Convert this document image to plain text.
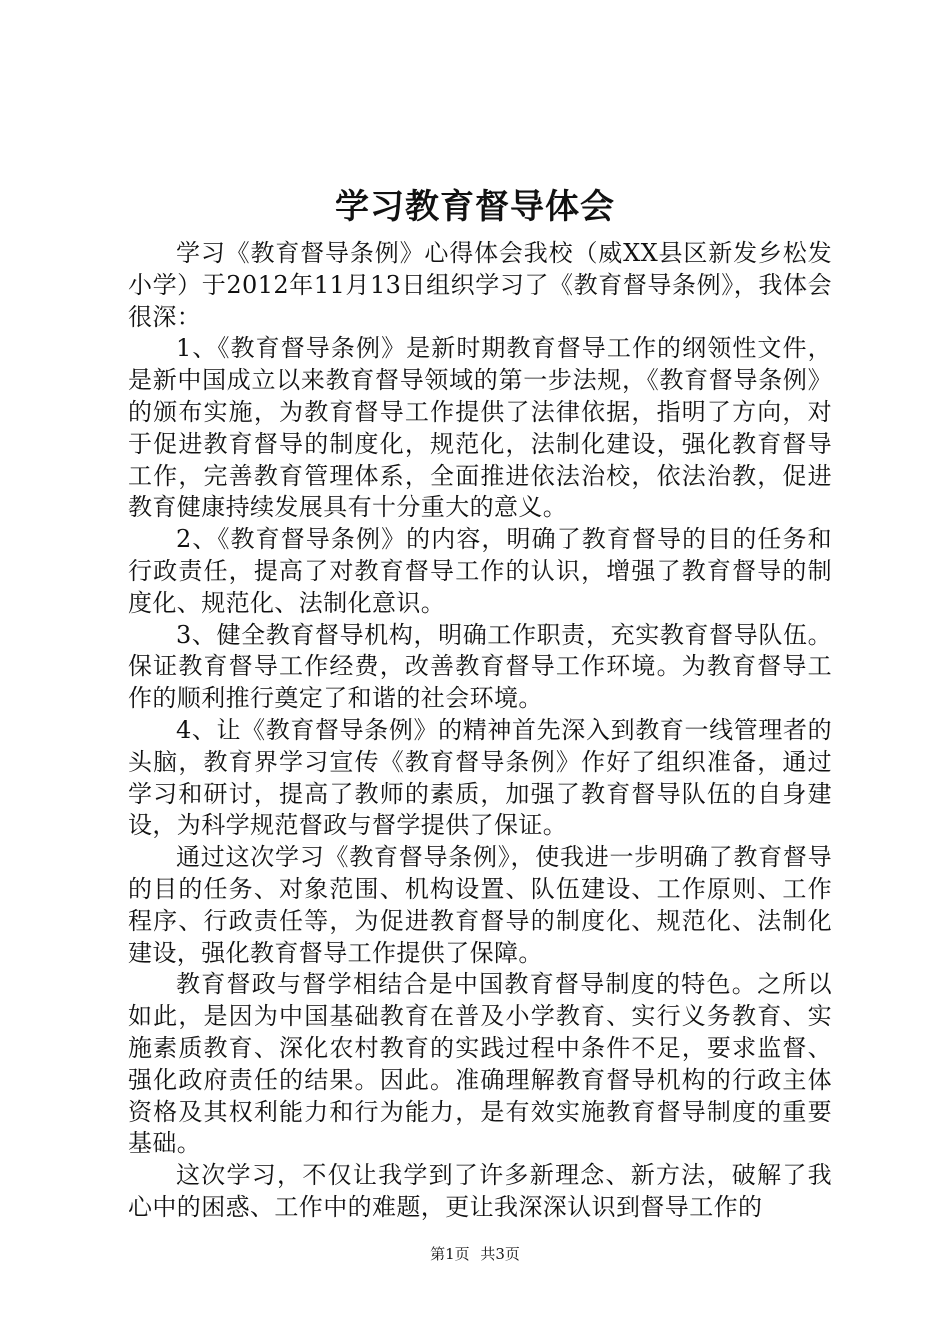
学习教育督导体会

学习《教育督导条例》心得体会我校（威XX县区新发乡松发小学）于2012年11月13日组织学习了《教育督导条例》，我体会很深：

1、《教育督导条例》是新时期教育督导工作的纲领性文件，是新中国成立以来教育督导领域的第一步法规，《教育督导条例》的颁布实施，为教育督导工作提供了法律依据，指明了方向，对于促进教育督导的制度化，规范化，法制化建设，强化教育督导工作，完善教育管理体系，全面推进依法治校，依法治教，促进教育健康持续发展具有十分重大的意义。

2、《教育督导条例》的内容，明确了教育督导的目的任务和行政责任，提高了对教育督导工作的认识，增强了教育督导的制度化、规范化、法制化意识。

3、健全教育督导机构，明确工作职责，充实教育督导队伍。保证教育督导工作经费，改善教育督导工作环境。为教育督导工作的顺利推行奠定了和谐的社会环境。

4、让《教育督导条例》的精神首先深入到教育一线管理者的头脑，教育界学习宣传《教育督导条例》作好了组织准备，通过学习和研讨，提高了教师的素质，加强了教育督导队伍的自身建设，为科学规范督政与督学提供了保证。

通过这次学习《教育督导条例》，使我进一步明确了教育督导的目的任务、对象范围、机构设置、队伍建设、工作原则、工作程序、行政责任等，为促进教育督导的制度化、规范化、法制化建设，强化教育督导工作提供了保障。

教育督政与督学相结合是中国教育督导制度的特色。之所以如此，是因为中国基础教育在普及小学教育、实行义务教育、实施素质教育、深化农村教育的实践过程中条件不足，要求监督、强化政府责任的结果。因此。准确理解教育督导机构的行政主体资格及其权利能力和行为能力，是有效实施教育督导制度的重要基础。

这次学习，不仅让我学到了许多新理念、新方法，破解了我心中的困惑、工作中的难题，更让我深深认识到督导工作的

第1页 共3页
